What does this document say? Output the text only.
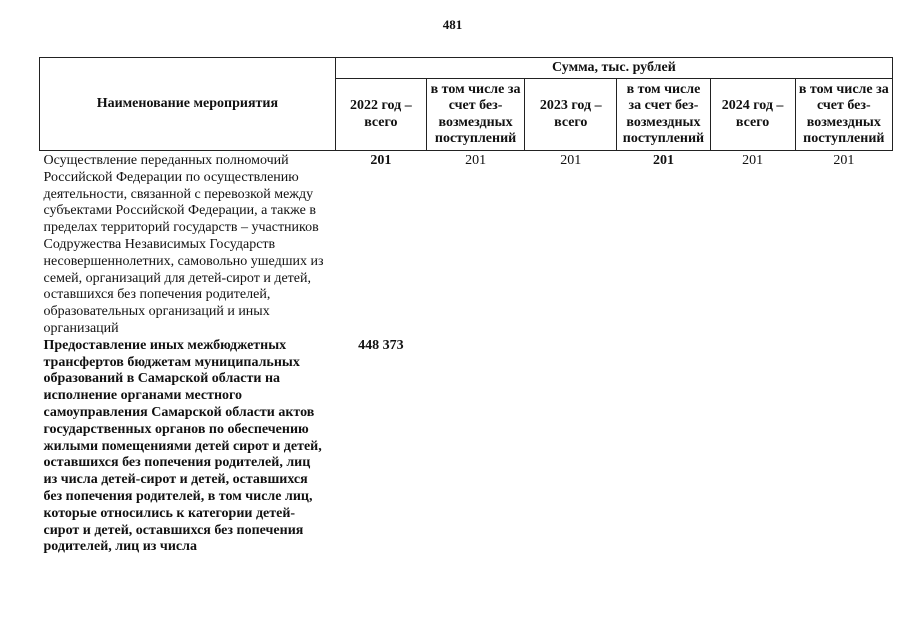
481
Наименование мероприятия	Сумма, тыс. рублей					
	2022 год – всего	в том числе за счет без-возмездных поступлений	2023 год – всего	в том числе за счет без-возмездных поступлений	2024 год – всего	в том числе за счет без-возмездных поступлений

Осуществление переданных полномочий Российской Федерации по осуществлению деятельности, связанной с перевозкой между субъектами Российской Федерации, а также в пределах территорий государств – участников Содружества Независимых Государств несовершеннолетних, самовольно ушедших из семей, организаций для детей-сирот и детей, оставшихся без попечения родителей, образовательных организаций и иных организаций	201	201	201	201	201	201
Предоставление иных межбюджетных трансфертов бюджетам муниципальных образований в Самарской области на исполнение органами местного самоуправления Самарской области актов государственных органов по обеспечению жилыми помещениями детей сирот и детей, оставшихся без попечения родителей, лиц из числа детей-сирот и детей, оставшихся без попечения родителей, в том числе лиц, которые относились к категории детей-сирот и детей, оставшихся без попечения родителей, лиц из числа	448 373					
